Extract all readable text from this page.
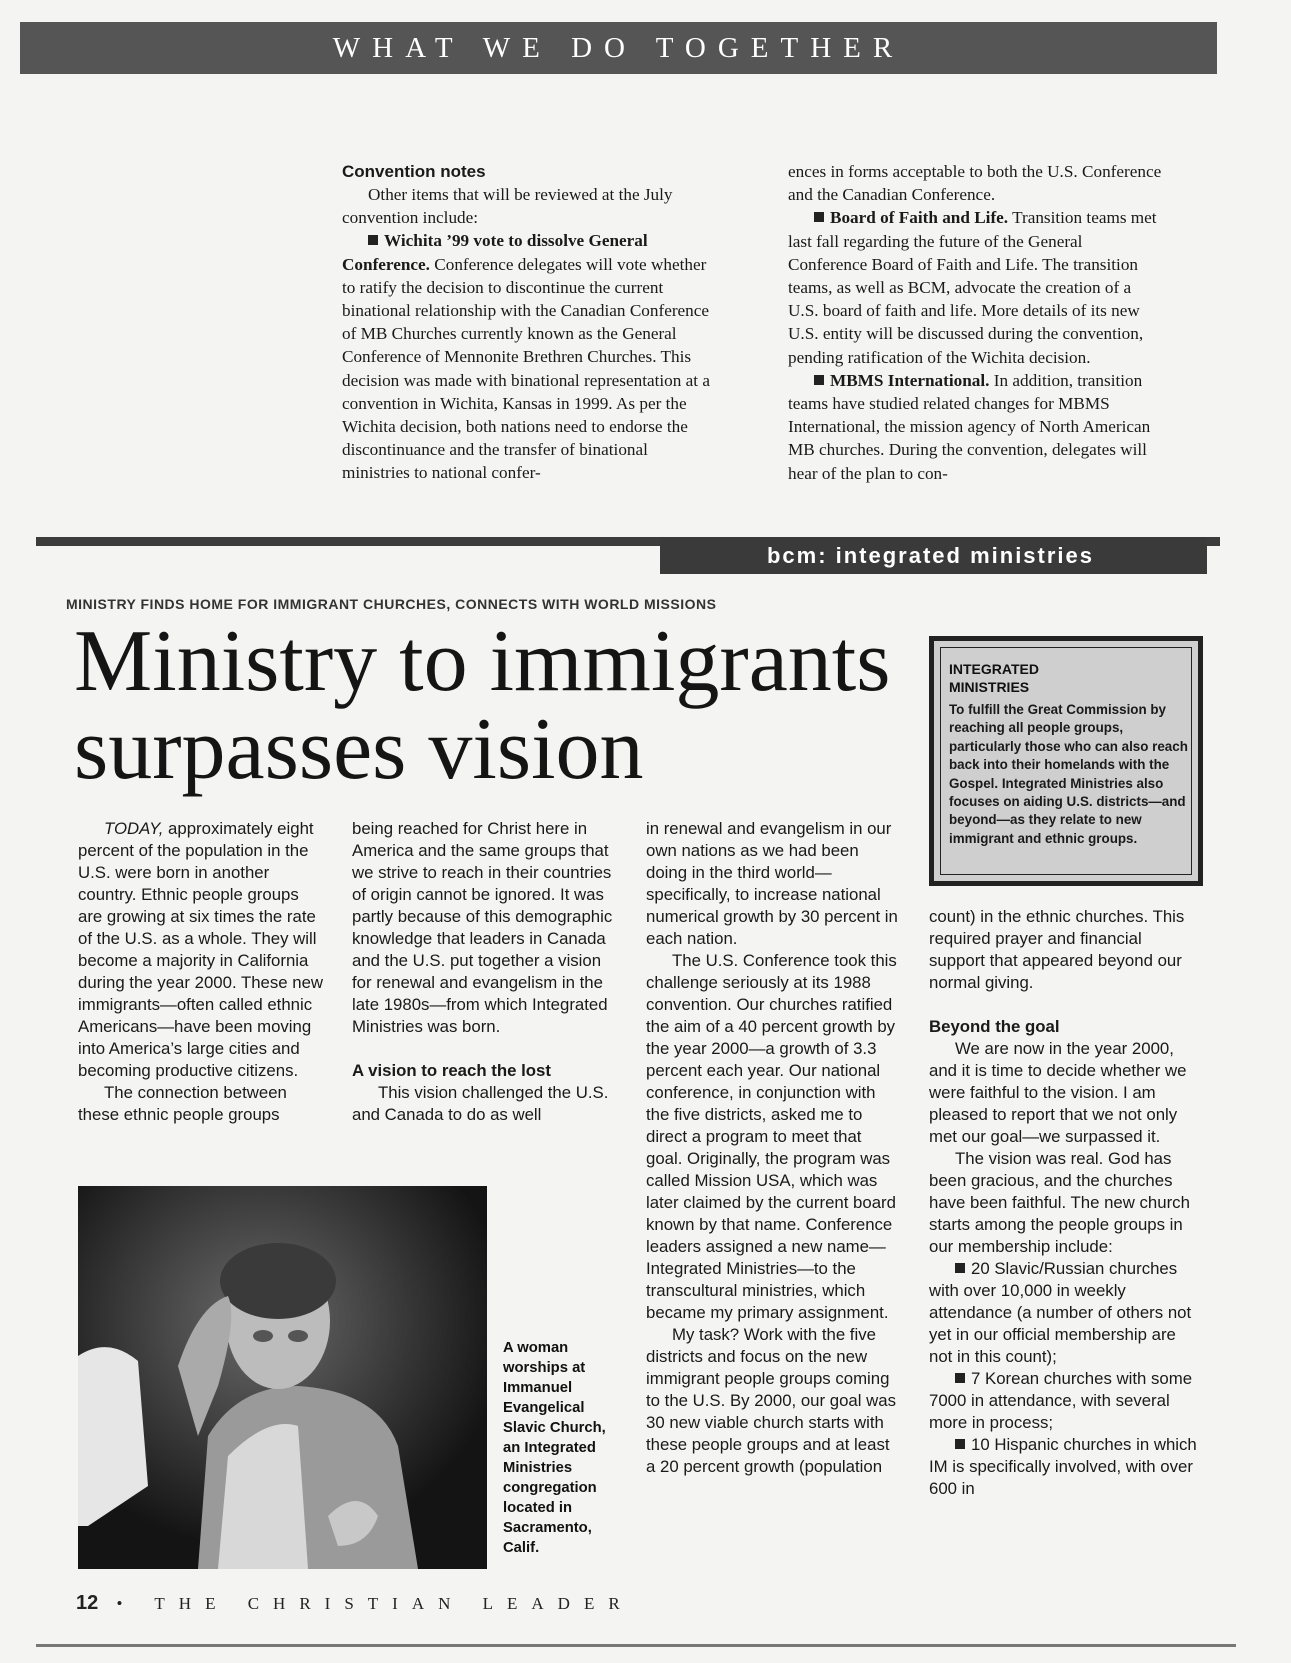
WHAT WE DO TOGETHER
Convention notes

Other items that will be reviewed at the July convention include:

Wichita ’99 vote to dissolve General Conference. Conference delegates will vote whether to ratify the decision to discontinue the current binational relationship with the Canadian Conference of MB Churches currently known as the General Conference of Mennonite Brethren Churches. This decision was made with binational representation at a convention in Wichita, Kansas in 1999. As per the Wichita decision, both nations need to endorse the discontinuance and the transfer of binational ministries to national confer-

ences in forms acceptable to both the U.S. Conference and the Canadian Conference.

Board of Faith and Life. Transition teams met last fall regarding the future of the General Conference Board of Faith and Life. The transition teams, as well as BCM, advocate the creation of a U.S. board of faith and life. More details of its new U.S. entity will be discussed during the convention, pending ratification of the Wichita decision.

MBMS International. In addition, transition teams have studied related changes for MBMS International, the mission agency of North American MB churches. During the convention, delegates will hear of the plan to con-

bcm: integrated ministries
MINISTRY FINDS HOME FOR IMMIGRANT CHURCHES, CONNECTS WITH WORLD MISSIONS
Ministry to immigrants surpasses vision
INTEGRATED
MINISTRIES
To fulfill the Great Commission by reaching all people groups, particularly those who can also reach back into their homelands with the Gospel. Integrated Ministries also focuses on aiding U.S. districts—and beyond—as they relate to new immigrant and ethnic groups.

TODAY, approximately eight percent of the population in the U.S. were born in another country. Ethnic people groups are growing at six times the rate of the U.S. as a whole. They will become a majority in California during the year 2000. These new immigrants—often called ethnic Americans—have been moving into America’s large cities and becoming productive citizens.

The connection between these ethnic people groups

being reached for Christ here in America and the same groups that we strive to reach in their countries of origin cannot be ignored. It was partly because of this demographic knowledge that leaders in Canada and the U.S. put together a vision for renewal and evangelism in the late 1980s—from which Integrated Ministries was born.

A vision to reach the lost

This vision challenged the U.S. and Canada to do as well

in renewal and evangelism in our own nations as we had been doing in the third world—specifically, to increase national numerical growth by 30 percent in each nation.

The U.S. Conference took this challenge seriously at its 1988 convention. Our churches ratified the aim of a 40 percent growth by the year 2000—a growth of 3.3 percent each year. Our national conference, in conjunction with the five districts, asked me to direct a program to meet that goal. Originally, the program was called Mission USA, which was later claimed by the current board known by that name. Conference leaders assigned a new name—Integrated Ministries—to the transcultural ministries, which became my primary assignment.

My task? Work with the five districts and focus on the new immigrant people groups coming to the U.S. By 2000, our goal was 30 new viable church starts with these people groups and at least a 20 percent growth (population

count) in the ethnic churches. This required prayer and financial support that appeared beyond our normal giving.

Beyond the goal

We are now in the year 2000, and it is time to decide whether we were faithful to the vision. I am pleased to report that we not only met our goal—we surpassed it.

The vision was real. God has been gracious, and the churches have been faithful. The new church starts among the people groups in our membership include:

20 Slavic/Russian churches with over 10,000 in weekly attendance (a number of others not yet in our official membership are not in this count);

7 Korean churches with some 7000 in attendance, with several more in process;

10 Hispanic churches in which IM is specifically involved, with over 600 in

A woman worships at Immanuel Evangelical Slavic Church, an Integrated Ministries congregation located in Sacramento, Calif.
12 • THE CHRISTIAN LEADER
